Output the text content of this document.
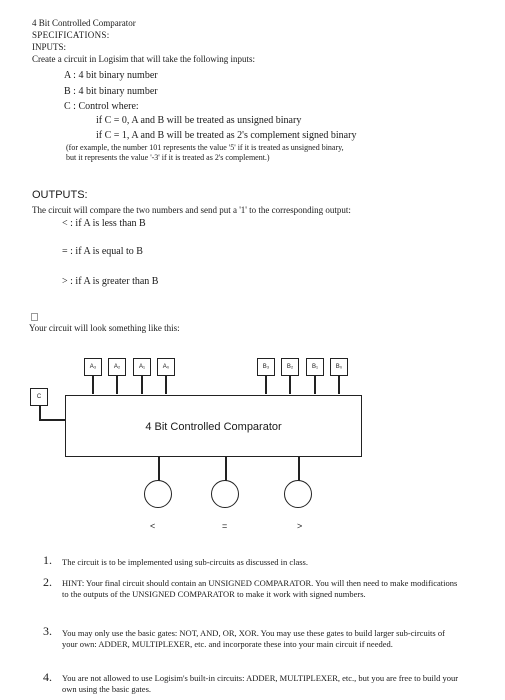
4 Bit Controlled Comparator
SPECIFICATIONS:
INPUTS:
Create a circuit in Logisim that will take the following inputs:
A : 4 bit binary number
B : 4 bit binary number
C : Control where:
if C = 0, A and B will be treated as unsigned binary
if C = 1, A and B will be treated as 2's complement signed binary
(for example, the number 101 represents the value '5' if it is treated as unsigned binary,
but it represents the value '-3' if it is treated as 2's complement.)
OUTPUTS:
The circuit will compare the two numbers and send put a '1' to the corresponding output:
< : if A is less than B
= : if A is equal to B
> : if A is greater than B
Your circuit will look something like this:
4 Bit Controlled Comparator
A₃	A₂	A₁	A₀	B₃	B₂	B₁	B₀
C
<	=	>
1. The circuit is to be implemented using sub-circuits as discussed in class.
2. HINT: Your final circuit should contain an UNSIGNED COMPARATOR. You will then need to make modifications to the outputs of the UNSIGNED COMPARATOR to make it work with signed numbers.
3. You may only use the basic gates: NOT, AND, OR, XOR. You may use these gates to build larger sub-circuits of your own: ADDER, MULTIPLEXER, etc. and incorporate these into your main circuit if needed.
4. You are not allowed to use Logisim's built-in circuits: ADDER, MULTIPLEXER, etc., but you are free to build your own using the basic gates.
